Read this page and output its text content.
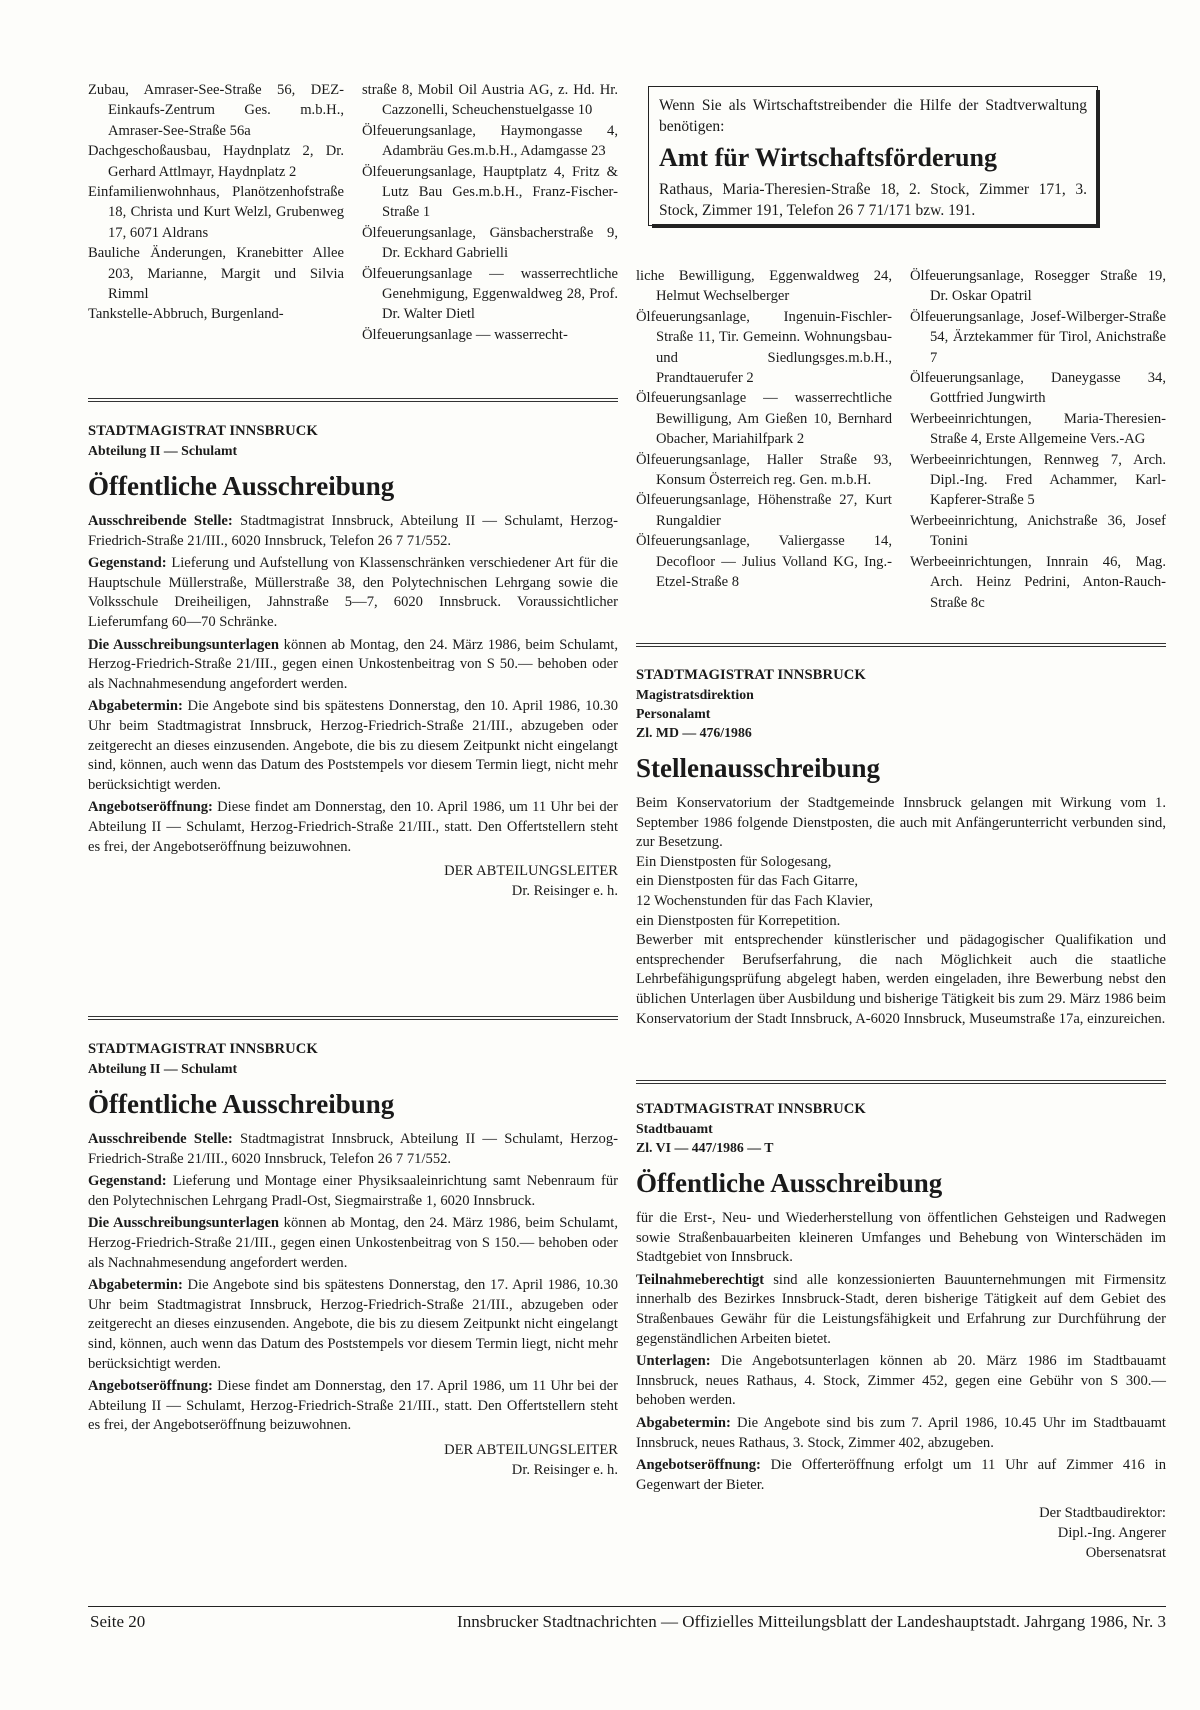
Zubau, Amraser-See-Straße 56, DEZ-Einkaufs-Zentrum Ges. m.b.H., Amraser-See-Straße 56a

Dachgeschoßausbau, Haydnplatz 2, Dr. Gerhard Attlmayr, Haydnplatz 2

Einfamilienwohnhaus, Planötzenhofstraße 18, Christa und Kurt Welzl, Grubenweg 17, 6071 Aldrans

Bauliche Änderungen, Kranebitter Allee 203, Marianne, Margit und Silvia Rimml

Tankstelle-Abbruch, Burgenland-

straße 8, Mobil Oil Austria AG, z. Hd. Hr. Cazzonelli, Scheuchenstuelgasse 10

Ölfeuerungsanlage, Haymongasse 4, Adambräu Ges.m.b.H., Adamgasse 23

Ölfeuerungsanlage, Hauptplatz 4, Fritz & Lutz Bau Ges.m.b.H., Franz-Fischer-Straße 1

Ölfeuerungsanlage, Gänsbacherstraße 9, Dr. Eckhard Gabrielli

Ölfeuerungsanlage — wasserrechtliche Genehmigung, Eggenwaldweg 28, Prof. Dr. Walter Dietl

Ölfeuerungsanlage — wasserrecht-

Wenn Sie als Wirtschaftstreibender die Hilfe der Stadtverwaltung benötigen:

Amt für Wirtschaftsförderung

Rathaus, Maria-Theresien-Straße 18, 2. Stock, Zimmer 171, 3. Stock, Zimmer 191, Telefon 26 7 71/171 bzw. 191.

liche Bewilligung, Eggenwaldweg 24, Helmut Wechselberger

Ölfeuerungsanlage, Ingenuin-Fischler-Straße 11, Tir. Gemeinn. Wohnungsbau- und Siedlungsges.m.b.H., Prandtauerufer 2

Ölfeuerungsanlage — wasserrechtliche Bewilligung, Am Gießen 10, Bernhard Obacher, Mariahilfpark 2

Ölfeuerungsanlage, Haller Straße 93, Konsum Österreich reg. Gen. m.b.H.

Ölfeuerungsanlage, Höhenstraße 27, Kurt Rungaldier

Ölfeuerungsanlage, Valiergasse 14, Decofloor — Julius Volland KG, Ing.-Etzel-Straße 8

Ölfeuerungsanlage, Rosegger Straße 19, Dr. Oskar Opatril

Ölfeuerungsanlage, Josef-Wilberger-Straße 54, Ärztekammer für Tirol, Anichstraße 7

Ölfeuerungsanlage, Daneygasse 34, Gottfried Jungwirth

Werbeeinrichtungen, Maria-Theresien-Straße 4, Erste Allgemeine Vers.-AG

Werbeeinrichtungen, Rennweg 7, Arch. Dipl.-Ing. Fred Achammer, Karl-Kapferer-Straße 5

Werbeeinrichtung, Anichstraße 36, Josef Tonini

Werbeeinrichtungen, Innrain 46, Mag. Arch. Heinz Pedrini, Anton-Rauch-Straße 8c

STADTMAGISTRAT INNSBRUCK
Abteilung II — Schulamt
Öffentliche Ausschreibung

Ausschreibende Stelle: Stadtmagistrat Innsbruck, Abteilung II — Schulamt, Herzog-Friedrich-Straße 21/III., 6020 Innsbruck, Telefon 26 7 71/552.

Gegenstand: Lieferung und Aufstellung von Klassenschränken verschiedener Art für die Hauptschule Müllerstraße, Müllerstraße 38, den Polytechnischen Lehrgang sowie die Volksschule Dreiheiligen, Jahnstraße 5—7, 6020 Innsbruck. Voraussichtlicher Lieferumfang 60—70 Schränke.

Die Ausschreibungsunterlagen können ab Montag, den 24. März 1986, beim Schulamt, Herzog-Friedrich-Straße 21/III., gegen einen Unkostenbeitrag von S 50.— behoben oder als Nachnahmesendung angefordert werden.

Abgabetermin: Die Angebote sind bis spätestens Donnerstag, den 10. April 1986, 10.30 Uhr beim Stadtmagistrat Innsbruck, Herzog-Friedrich-Straße 21/III., abzugeben oder zeitgerecht an dieses einzusenden. Angebote, die bis zu diesem Zeitpunkt nicht eingelangt sind, können, auch wenn das Datum des Poststempels vor diesem Termin liegt, nicht mehr berücksichtigt werden.

Angebotseröffnung: Diese findet am Donnerstag, den 10. April 1986, um 11 Uhr bei der Abteilung II — Schulamt, Herzog-Friedrich-Straße 21/III., statt. Den Offertstellern steht es frei, der Angebotseröffnung beizuwohnen.

DER ABTEILUNGSLEITER
Dr. Reisinger e. h.
STADTMAGISTRAT INNSBRUCK
Abteilung II — Schulamt
Öffentliche Ausschreibung

Ausschreibende Stelle: Stadtmagistrat Innsbruck, Abteilung II — Schulamt, Herzog-Friedrich-Straße 21/III., 6020 Innsbruck, Telefon 26 7 71/552.

Gegenstand: Lieferung und Montage einer Physiksaaleinrichtung samt Nebenraum für den Polytechnischen Lehrgang Pradl-Ost, Siegmairstraße 1, 6020 Innsbruck.

Die Ausschreibungsunterlagen können ab Montag, den 24. März 1986, beim Schulamt, Herzog-Friedrich-Straße 21/III., gegen einen Unkostenbeitrag von S 150.— behoben oder als Nachnahmesendung angefordert werden.

Abgabetermin: Die Angebote sind bis spätestens Donnerstag, den 17. April 1986, 10.30 Uhr beim Stadtmagistrat Innsbruck, Herzog-Friedrich-Straße 21/III., abzugeben oder zeitgerecht an dieses einzusenden. Angebote, die bis zu diesem Zeitpunkt nicht eingelangt sind, können, auch wenn das Datum des Poststempels vor diesem Termin liegt, nicht mehr berücksichtigt werden.

Angebotseröffnung: Diese findet am Donnerstag, den 17. April 1986, um 11 Uhr bei der Abteilung II — Schulamt, Herzog-Friedrich-Straße 21/III., statt. Den Offertstellern steht es frei, der Angebotseröffnung beizuwohnen.

DER ABTEILUNGSLEITER
Dr. Reisinger e. h.
STADTMAGISTRAT INNSBRUCK
Magistratsdirektion
Personalamt
Zl. MD — 476/1986
Stellenausschreibung

Beim Konservatorium der Stadtgemeinde Innsbruck gelangen mit Wirkung vom 1. September 1986 folgende Dienstposten, die auch mit Anfängerunterricht verbunden sind, zur Besetzung.

Ein Dienstposten für Sologesang,

ein Dienstposten für das Fach Gitarre,

12 Wochenstunden für das Fach Klavier,

ein Dienstposten für Korrepetition.

Bewerber mit entsprechender künstlerischer und pädagogischer Qualifikation und entsprechender Berufserfahrung, die nach Möglichkeit auch die staatliche Lehrbefähigungsprüfung abgelegt haben, werden eingeladen, ihre Bewerbung nebst den üblichen Unterlagen über Ausbildung und bisherige Tätigkeit bis zum 29. März 1986 beim Konservatorium der Stadt Innsbruck, A-6020 Innsbruck, Museumstraße 17a, einzureichen.

STADTMAGISTRAT INNSBRUCK
Stadtbauamt
Zl. VI — 447/1986 — T
Öffentliche Ausschreibung

für die Erst-, Neu- und Wiederherstellung von öffentlichen Gehsteigen und Radwegen sowie Straßenbauarbeiten kleineren Umfanges und Behebung von Winterschäden im Stadtgebiet von Innsbruck.

Teilnahmeberechtigt sind alle konzessionierten Bauunternehmungen mit Firmensitz innerhalb des Bezirkes Innsbruck-Stadt, deren bisherige Tätigkeit auf dem Gebiet des Straßenbaues Gewähr für die Leistungsfähigkeit und Erfahrung zur Durchführung der gegenständlichen Arbeiten bietet.

Unterlagen: Die Angebotsunterlagen können ab 20. März 1986 im Stadtbauamt Innsbruck, neues Rathaus, 4. Stock, Zimmer 452, gegen eine Gebühr von S 300.— behoben werden.

Abgabetermin: Die Angebote sind bis zum 7. April 1986, 10.45 Uhr im Stadtbauamt Innsbruck, neues Rathaus, 3. Stock, Zimmer 402, abzugeben.

Angebotseröffnung: Die Offerteröffnung erfolgt um 11 Uhr auf Zimmer 416 in Gegenwart der Bieter.

Der Stadtbaudirektor:
Dipl.-Ing. Angerer
Obersenatsrat
Seite 20	Innsbrucker Stadtnachrichten — Offizielles Mitteilungsblatt der Landeshauptstadt. Jahrgang 1986, Nr. 3
